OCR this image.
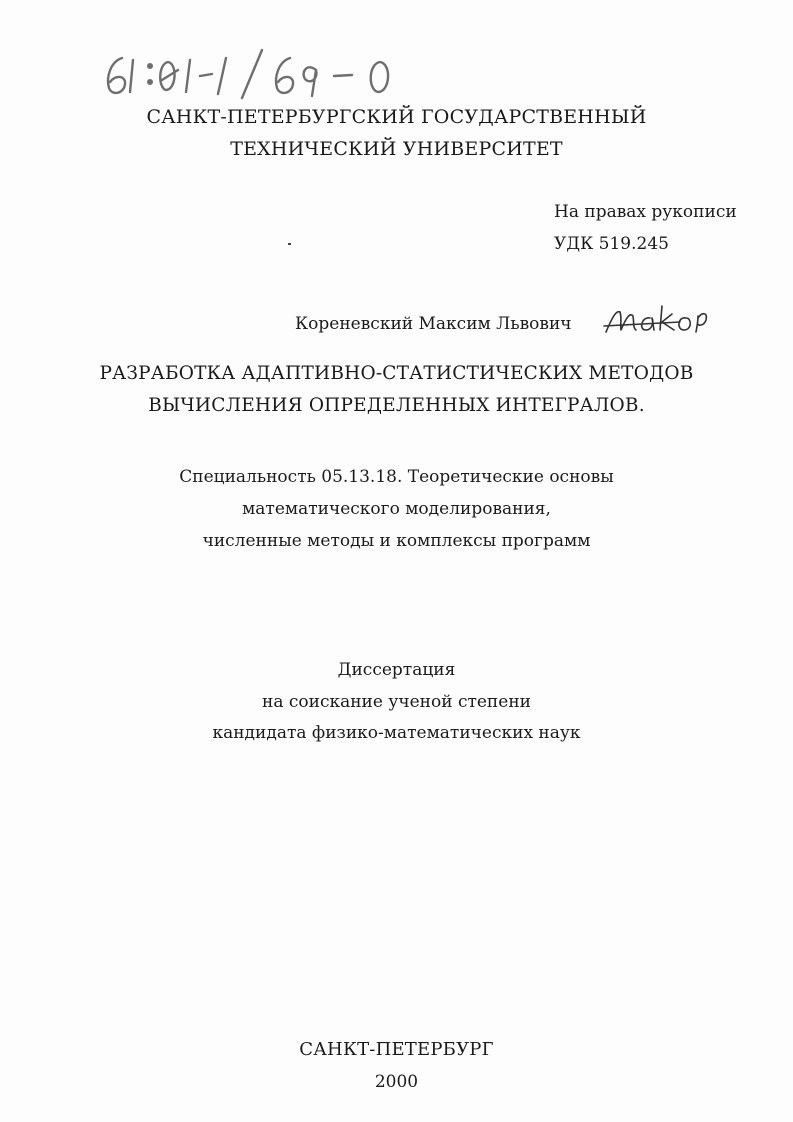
САНКТ-ПЕТЕРБУРГСКИЙ ГОСУДАРСТВЕННЫЙ
ТЕХНИЧЕСКИЙ УНИВЕРСИТЕТ
На правах рукописи
УДК 519.245
Кореневский Максим Львович
РАЗРАБОТКА АДАПТИВНО-СТАТИСТИЧЕСКИХ МЕТОДОВ
ВЫЧИСЛЕНИЯ ОПРЕДЕЛЕННЫХ ИНТЕГРАЛОВ.
Специальность 05.13.18. Теоретические основы
математического моделирования,
численные методы и комплексы программ
Диссертация
на соискание ученой степени
кандидата физико-математических наук
САНКТ-ПЕТЕРБУРГ
2000
